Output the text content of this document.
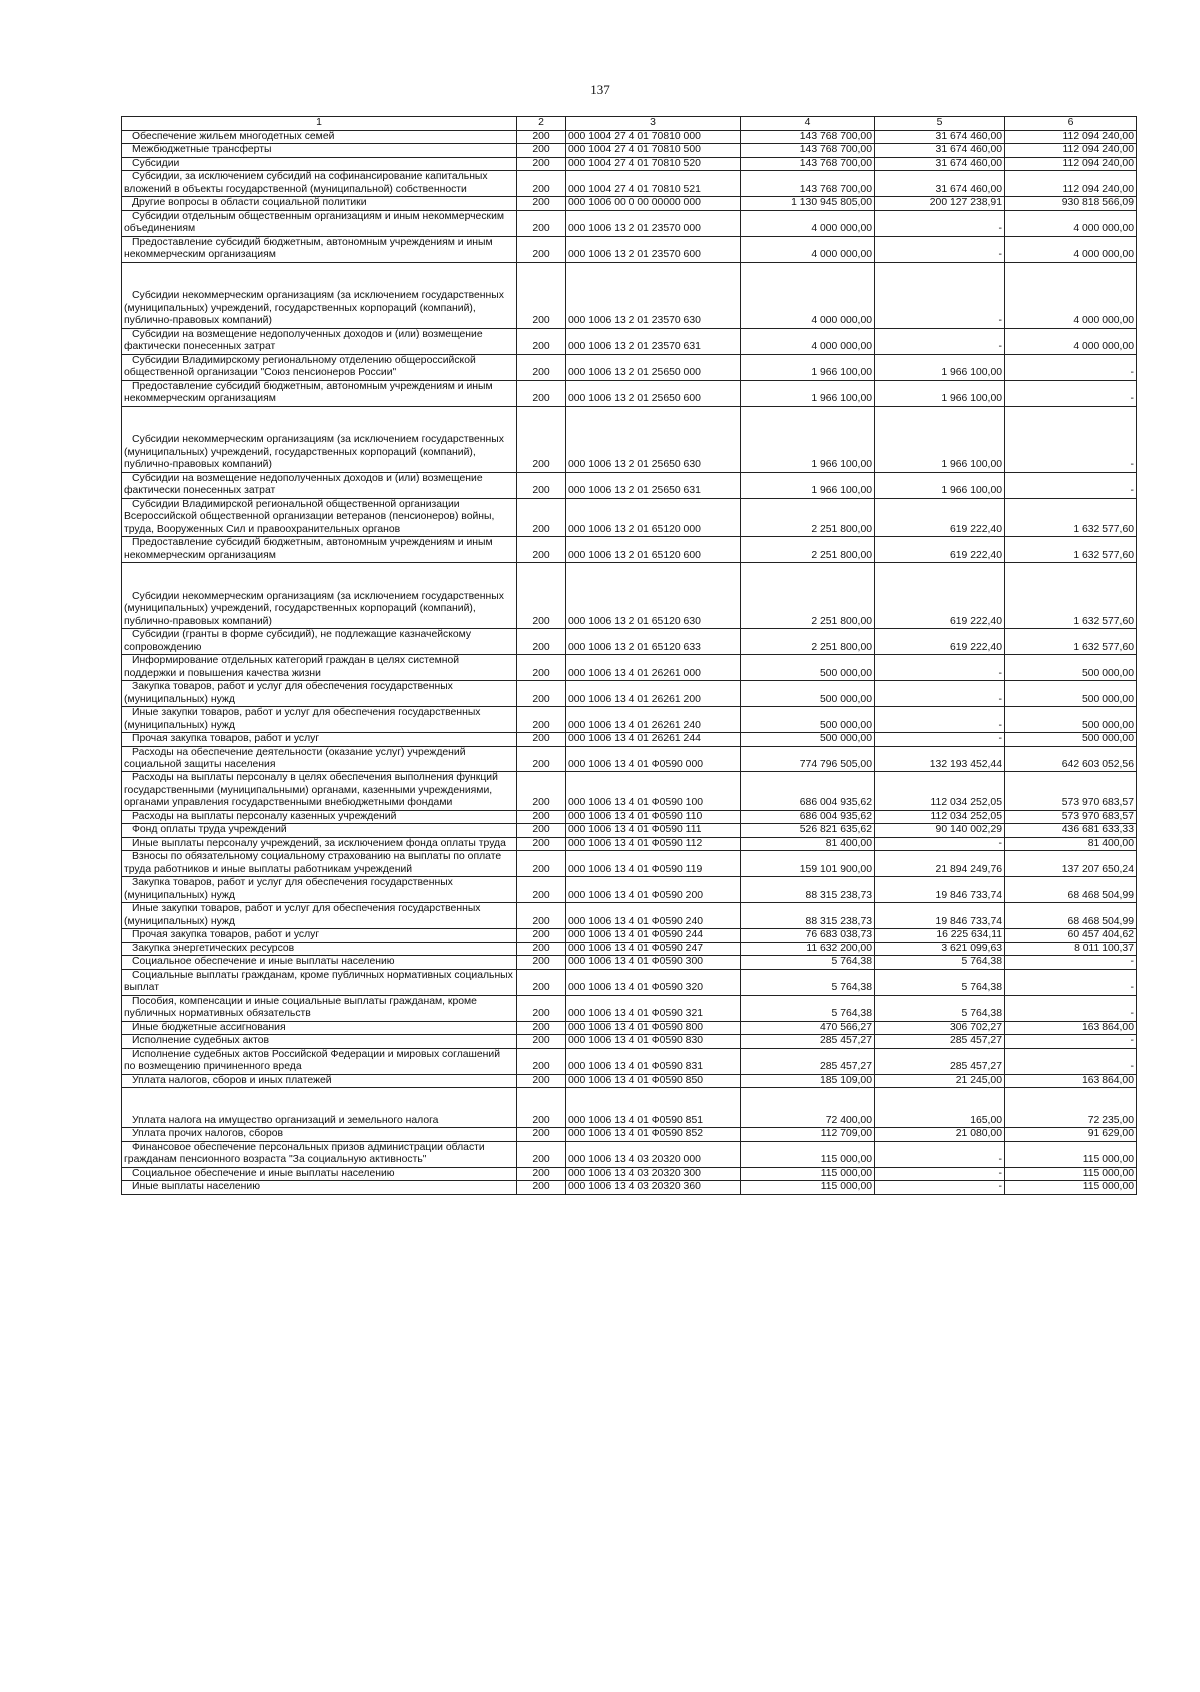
137
1	2	3	4	5	6
Обеспечение жильем многодетных семей	200	000 1004 27 4 01 70810 000	143 768 700,00	31 674 460,00	112 094 240,00
Межбюджетные трансферты	200	000 1004 27 4 01 70810 500	143 768 700,00	31 674 460,00	112 094 240,00
Субсидии	200	000 1004 27 4 01 70810 520	143 768 700,00	31 674 460,00	112 094 240,00
Субсидии, за исключением субсидий на софинансирование капитальных вложений в объекты государственной (муниципальной) собственности	200	000 1004 27 4 01 70810 521	143 768 700,00	31 674 460,00	112 094 240,00
Другие вопросы в области социальной политики	200	000 1006 00 0 00 00000 000	1 130 945 805,00	200 127 238,91	930 818 566,09
Субсидии отдельным общественным организациям и иным некоммерческим объединениям	200	000 1006 13 2 01 23570 000	4 000 000,00	-	4 000 000,00
Предоставление субсидий бюджетным, автономным учреждениям и иным некоммерческим организациям	200	000 1006 13 2 01 23570 600	4 000 000,00	-	4 000 000,00
Субсидии некоммерческим организациям (за исключением государственных (муниципальных) учреждений, государственных корпораций (компаний), публично-правовых компаний)	200	000 1006 13 2 01 23570 630	4 000 000,00	-	4 000 000,00
Субсидии на возмещение недополученных доходов и (или) возмещение фактически понесенных затрат	200	000 1006 13 2 01 23570 631	4 000 000,00	-	4 000 000,00
Субсидии Владимирскому региональному отделению общероссийской общественной организации "Союз пенсионеров России"	200	000 1006 13 2 01 25650 000	1 966 100,00	1 966 100,00	-
Предоставление субсидий бюджетным, автономным учреждениям и иным некоммерческим организациям	200	000 1006 13 2 01 25650 600	1 966 100,00	1 966 100,00	-
Субсидии некоммерческим организациям (за исключением государственных (муниципальных) учреждений, государственных корпораций (компаний), публично-правовых компаний)	200	000 1006 13 2 01 25650 630	1 966 100,00	1 966 100,00	-
Субсидии на возмещение недополученных доходов и (или) возмещение фактически понесенных затрат	200	000 1006 13 2 01 25650 631	1 966 100,00	1 966 100,00	-
Субсидии Владимирской региональной общественной организации Всероссийской общественной организации ветеранов (пенсионеров) войны, труда, Вооруженных Сил и правоохранительных органов	200	000 1006 13 2 01 65120 000	2 251 800,00	619 222,40	1 632 577,60
Предоставление субсидий бюджетным, автономным учреждениям и иным некоммерческим организациям	200	000 1006 13 2 01 65120 600	2 251 800,00	619 222,40	1 632 577,60
Субсидии некоммерческим организациям (за исключением государственных (муниципальных) учреждений, государственных корпораций (компаний), публично-правовых компаний)	200	000 1006 13 2 01 65120 630	2 251 800,00	619 222,40	1 632 577,60
Субсидии (гранты в форме субсидий), не подлежащие казначейскому сопровождению	200	000 1006 13 2 01 65120 633	2 251 800,00	619 222,40	1 632 577,60
Информирование отдельных категорий граждан в целях системной поддержки и повышения качества жизни	200	000 1006 13 4 01 26261 000	500 000,00	-	500 000,00
Закупка товаров, работ и услуг для обеспечения государственных (муниципальных) нужд	200	000 1006 13 4 01 26261 200	500 000,00	-	500 000,00
Иные закупки товаров, работ и услуг для обеспечения государственных (муниципальных) нужд	200	000 1006 13 4 01 26261 240	500 000,00	-	500 000,00
Прочая закупка товаров, работ и услуг	200	000 1006 13 4 01 26261 244	500 000,00	-	500 000,00
Расходы на обеспечение деятельности (оказание услуг) учреждений социальной защиты населения	200	000 1006 13 4 01 Ф0590 000	774 796 505,00	132 193 452,44	642 603 052,56
Расходы на выплаты персоналу в целях обеспечения выполнения функций государственными (муниципальными) органами, казенными учреждениями, органами управления государственными внебюджетными фондами	200	000 1006 13 4 01 Ф0590 100	686 004 935,62	112 034 252,05	573 970 683,57
Расходы на выплаты персоналу казенных учреждений	200	000 1006 13 4 01 Ф0590 110	686 004 935,62	112 034 252,05	573 970 683,57
Фонд оплаты труда учреждений	200	000 1006 13 4 01 Ф0590 111	526 821 635,62	90 140 002,29	436 681 633,33
Иные выплаты персоналу учреждений, за исключением фонда оплаты труда	200	000 1006 13 4 01 Ф0590 112	81 400,00	-	81 400,00
Взносы по обязательному социальному страхованию на выплаты по оплате труда работников и иные выплаты работникам учреждений	200	000 1006 13 4 01 Ф0590 119	159 101 900,00	21 894 249,76	137 207 650,24
Закупка товаров, работ и услуг для обеспечения государственных (муниципальных) нужд	200	000 1006 13 4 01 Ф0590 200	88 315 238,73	19 846 733,74	68 468 504,99
Иные закупки товаров, работ и услуг для обеспечения государственных (муниципальных) нужд	200	000 1006 13 4 01 Ф0590 240	88 315 238,73	19 846 733,74	68 468 504,99
Прочая закупка товаров, работ и услуг	200	000 1006 13 4 01 Ф0590 244	76 683 038,73	16 225 634,11	60 457 404,62
Закупка энергетических ресурсов	200	000 1006 13 4 01 Ф0590 247	11 632 200,00	3 621 099,63	8 011 100,37
Социальное обеспечение и иные выплаты населению	200	000 1006 13 4 01 Ф0590 300	5 764,38	5 764,38	-
Социальные выплаты гражданам, кроме публичных нормативных социальных выплат	200	000 1006 13 4 01 Ф0590 320	5 764,38	5 764,38	-
Пособия, компенсации и иные социальные выплаты гражданам, кроме публичных нормативных обязательств	200	000 1006 13 4 01 Ф0590 321	5 764,38	5 764,38	-
Иные бюджетные ассигнования	200	000 1006 13 4 01 Ф0590 800	470 566,27	306 702,27	163 864,00
Исполнение судебных актов	200	000 1006 13 4 01 Ф0590 830	285 457,27	285 457,27	-
Исполнение судебных актов Российской Федерации и мировых соглашений по возмещению причиненного вреда	200	000 1006 13 4 01 Ф0590 831	285 457,27	285 457,27	-
Уплата налогов, сборов и иных платежей	200	000 1006 13 4 01 Ф0590 850	185 109,00	21 245,00	163 864,00
Уплата налога на имущество организаций и земельного налога	200	000 1006 13 4 01 Ф0590 851	72 400,00	165,00	72 235,00
Уплата прочих налогов, сборов	200	000 1006 13 4 01 Ф0590 852	112 709,00	21 080,00	91 629,00
Финансовое обеспечение персональных призов администрации области гражданам пенсионного возраста "За социальную активность"	200	000 1006 13 4 03 20320 000	115 000,00	-	115 000,00
Социальное обеспечение и иные выплаты населению	200	000 1006 13 4 03 20320 300	115 000,00	-	115 000,00
Иные выплаты населению	200	000 1006 13 4 03 20320 360	115 000,00	-	115 000,00
